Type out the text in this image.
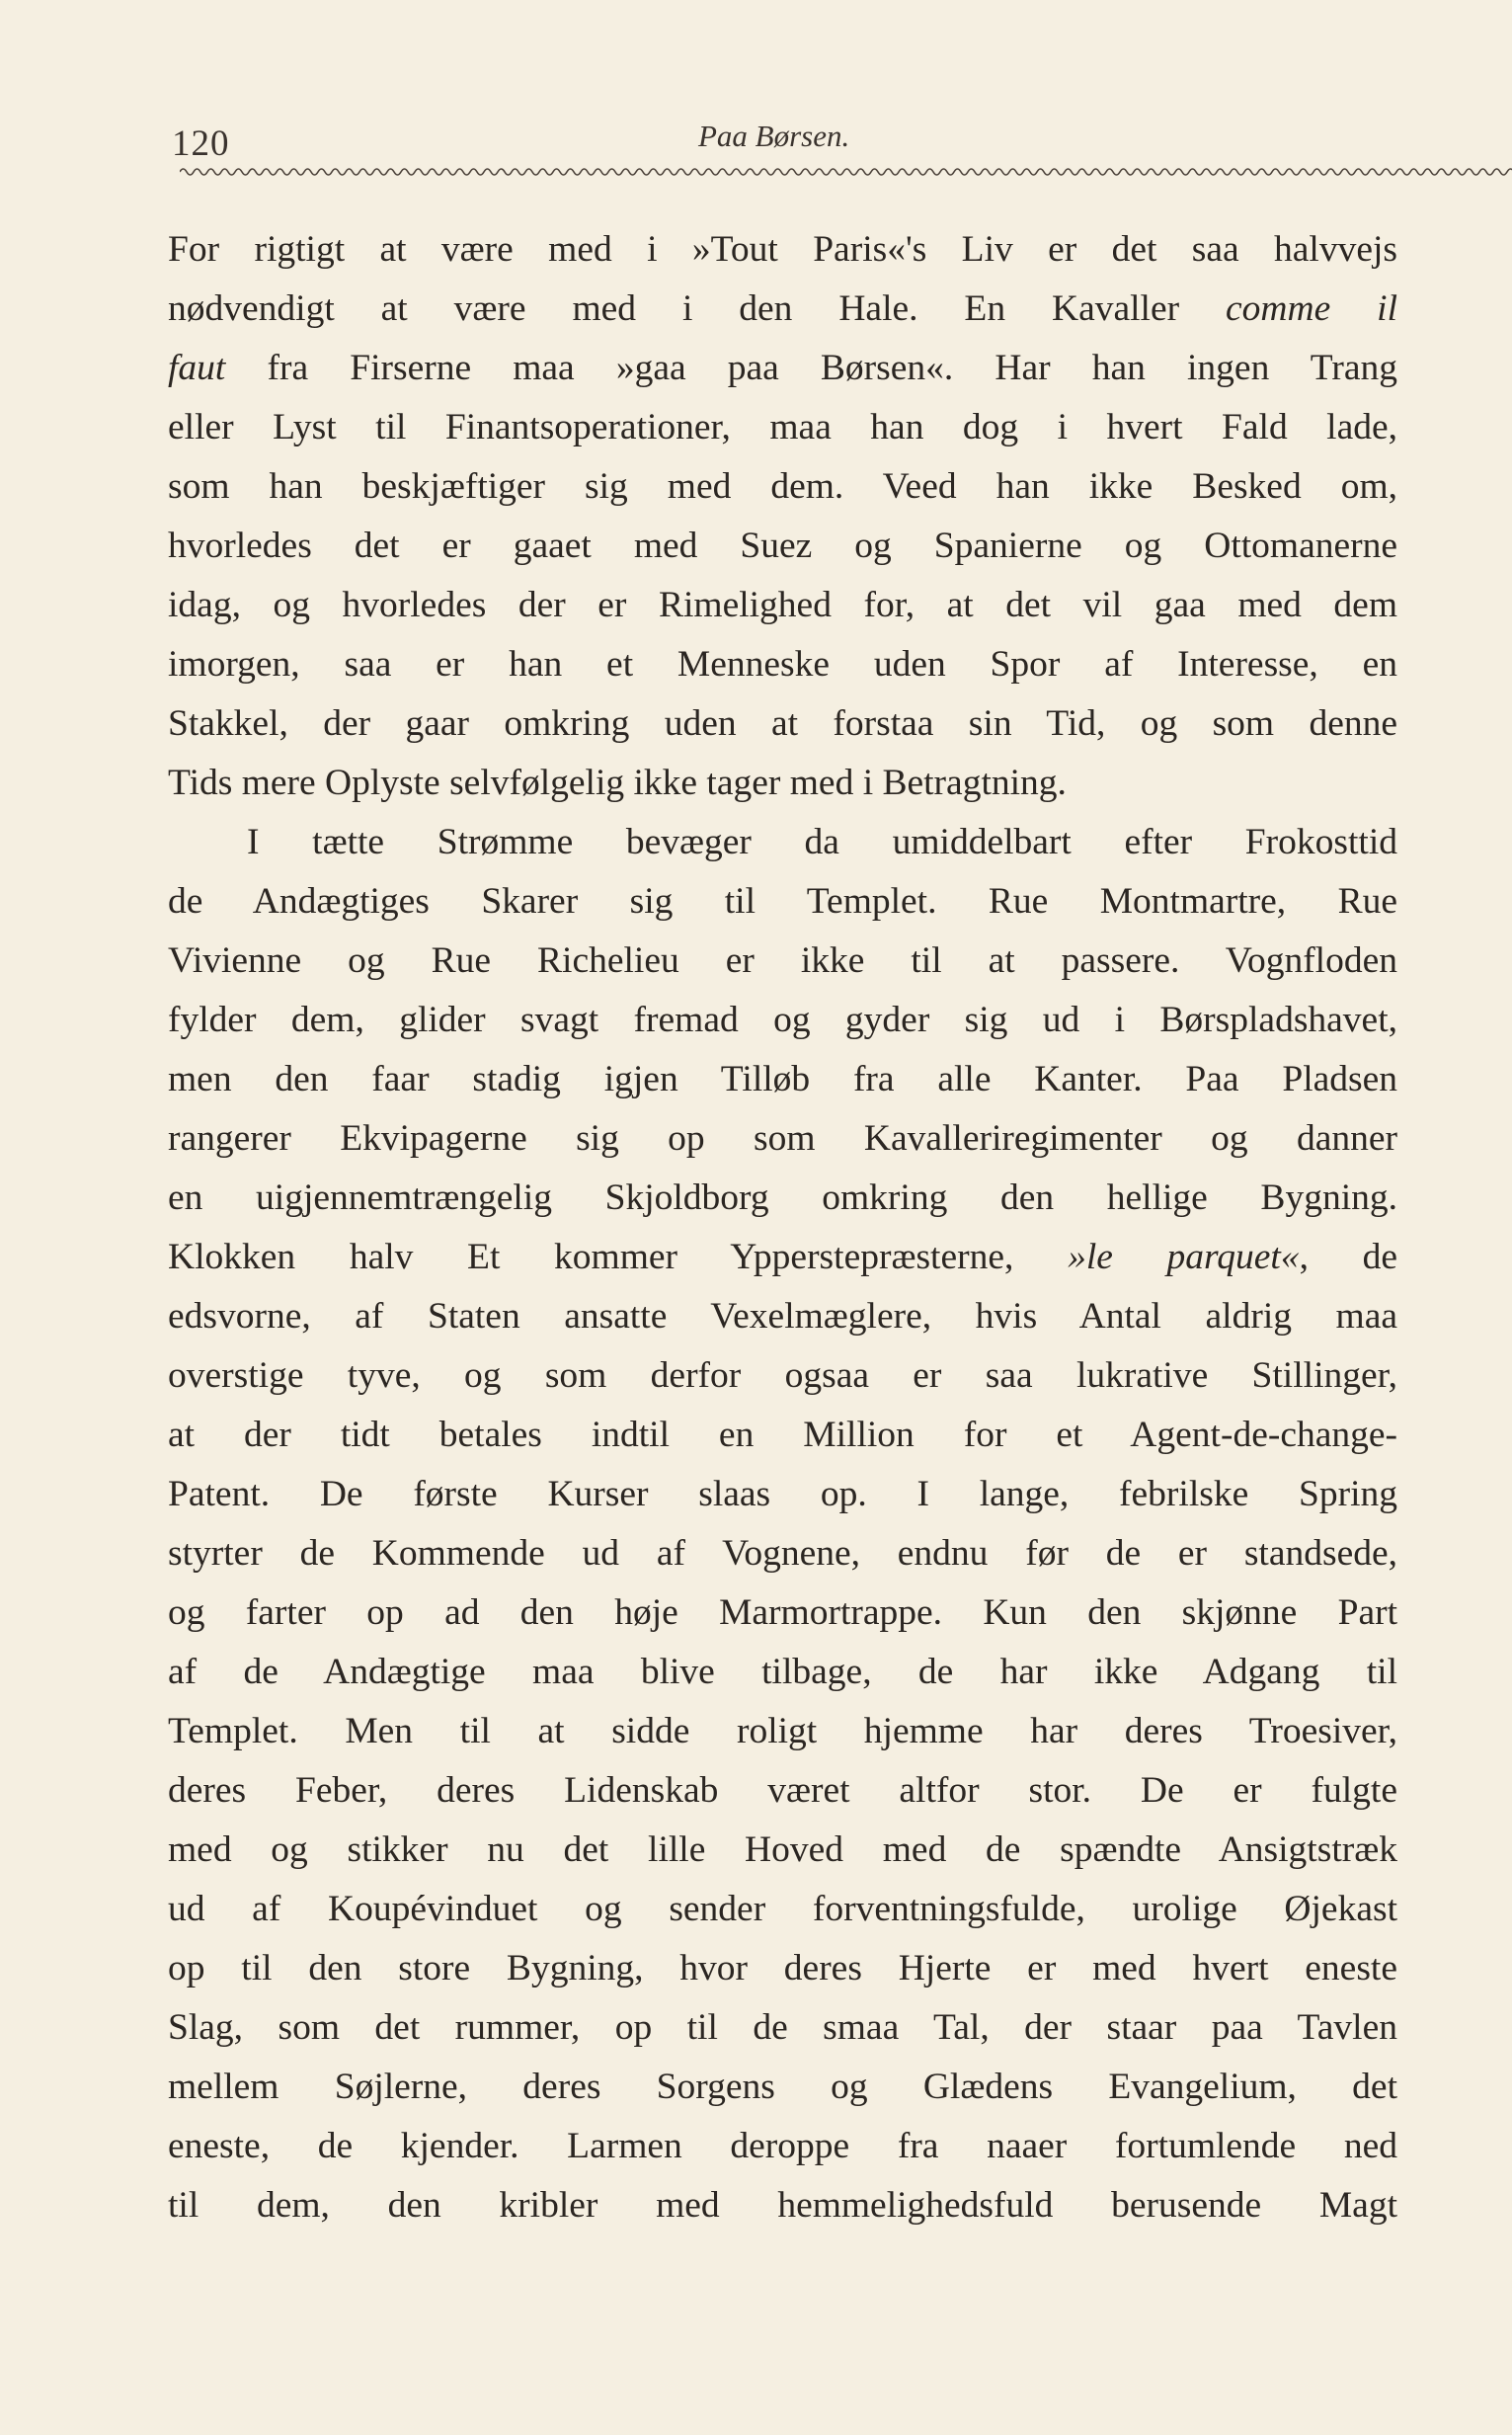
120	Paa Børsen.
For rigtigt at være med i »Tout Paris«'s Liv er det saa halvvejs
nødvendigt at være med i den Hale. En Kavaller comme il
faut fra Firserne maa »gaa paa Børsen«. Har han ingen Trang
eller Lyst til Finantsoperationer, maa han dog i hvert Fald lade,
som han beskjæftiger sig med dem. Veed han ikke Besked om,
hvorledes det er gaaet med Suez og Spanierne og Ottomanerne
idag, og hvorledes der er Rimelighed for, at det vil gaa med dem
imorgen, saa er han et Menneske uden Spor af Interesse, en
Stakkel, der gaar omkring uden at forstaa sin Tid, og som denne
Tids mere Oplyste selvfølgelig ikke tager med i Betragtning.
I tætte Strømme bevæger da umiddelbart efter Frokosttid
de Andægtiges Skarer sig til Templet. Rue Montmartre, Rue
Vivienne og Rue Richelieu er ikke til at passere. Vognfloden
fylder dem, glider svagt fremad og gyder sig ud i Børspladshavet,
men den faar stadig igjen Tilløb fra alle Kanter. Paa Pladsen
rangerer Ekvipagerne sig op som Kavalleriregimenter og danner
en uigjennemtrængelig Skjoldborg omkring den hellige Bygning.
Klokken halv Et kommer Ypperstepræsterne, »le parquet«, de
edsvorne, af Staten ansatte Vexelmæglere, hvis Antal aldrig maa
overstige tyve, og som derfor ogsaa er saa lukrative Stillinger,
at der tidt betales indtil en Million for et Agent-de-change-
Patent. De første Kurser slaas op. I lange, febrilske Spring
styrter de Kommende ud af Vognene, endnu før de er standsede,
og farter op ad den høje Marmortrappe. Kun den skjønne Part
af de Andægtige maa blive tilbage, de har ikke Adgang til
Templet. Men til at sidde roligt hjemme har deres Troesiver,
deres Feber, deres Lidenskab været altfor stor. De er fulgte
med og stikker nu det lille Hoved med de spændte Ansigtstræk
ud af Koupévinduet og sender forventningsfulde, urolige Øjekast
op til den store Bygning, hvor deres Hjerte er med hvert eneste
Slag, som det rummer, op til de smaa Tal, der staar paa Tavlen
mellem Søjlerne, deres Sorgens og Glædens Evangelium, det
eneste, de kjender. Larmen deroppe fra naaer fortumlende ned
til dem, den kribler med hemmelighedsfuld berusende Magt
